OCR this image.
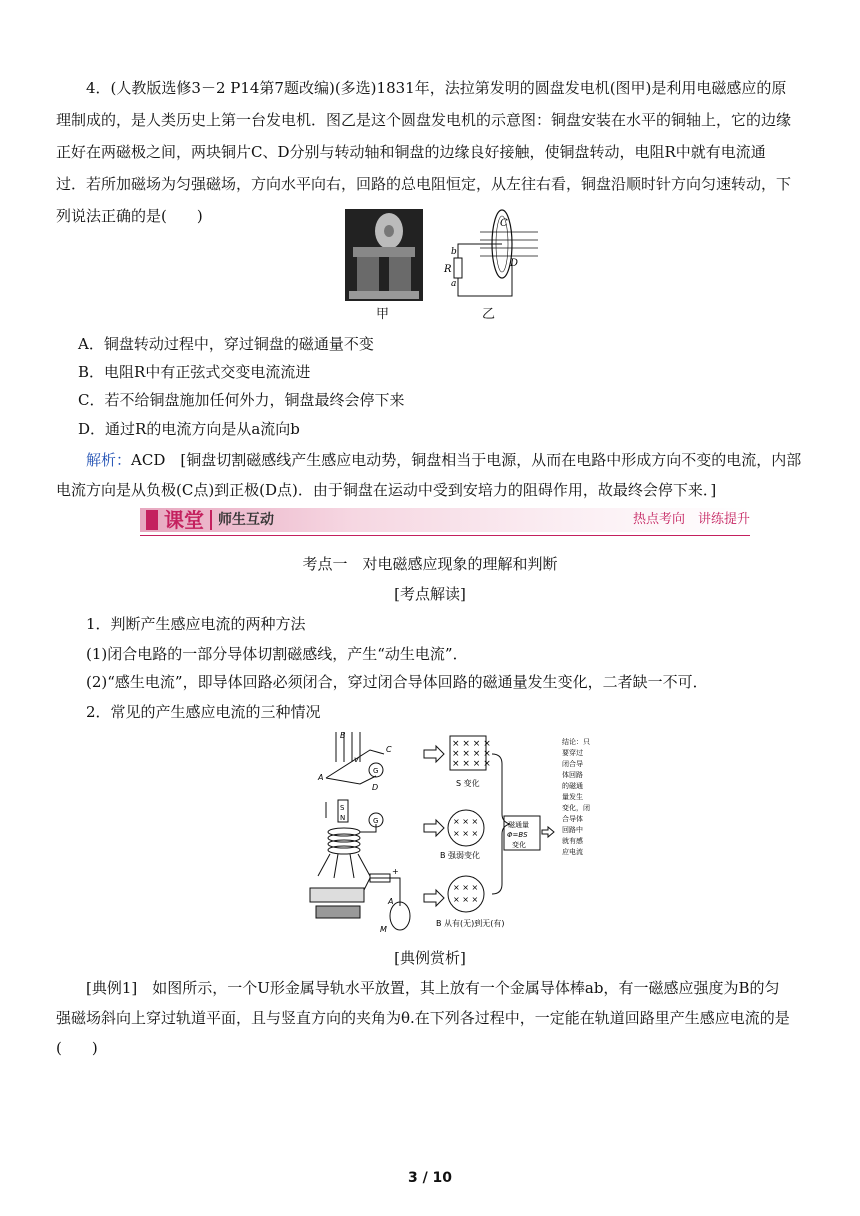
4．(人教版选修3－2 P14第7题改编)(多选)1831年，法拉第发明的圆盘发电机(图甲)是利用电磁感应的原
理制成的，是人类历史上第一台发电机．图乙是这个圆盘发电机的示意图：铜盘安装在水平的铜轴上，它的边缘
正好在两磁极之间，两块铜片C、D分别与转动轴和铜盘的边缘良好接触，使铜盘转动，电阻R中就有电流通
过．若所加磁场为匀强磁场，方向水平向右，回路的总电阻恒定，从左往右看，铜盘沿顺时针方向匀速转动，下
列说法正确的是(　　)
甲
C
D
b
R
a
乙
A．铜盘转动过程中，穿过铜盘的磁通量不变
B．电阻R中有正弦式交变电流流进
C．若不给铜盘施加任何外力，铜盘最终会停下来
D．通过R的电流方向是从a流向b
解析：ACD　[铜盘切割磁感线产生感应电动势，铜盘相当于电源，从而在电路中形成方向不变的电流，内部
电流方向是从负极(C点)到正极(D点)．由于铜盘在运动中受到安培力的阻碍作用，故最终会停下来．]
课堂 师生互动	热点考向　讲练提升
考点一　对电磁感应现象的理解和判断
[考点解读]
1．判断产生感应电流的两种方法
(1)闭合电路的一部分导体切割磁感线，产生“动生电流”．
(2)“感生电流”，即导体回路必须闭合，穿过闭合导体回路的磁通量发生变化，二者缺一不可．
2．常见的产生感应电流的三种情况
B
v
C
A
D
G
S
N	G
A
M
+
× × × ×
× × × ×
× × × ×
S 变化
× × ×
× × ×
B 强弱变化
× × ×
× × ×
B 从有(无)到无(有)
磁通量
Φ=BS
变化
结论：只
要穿过
闭合导
体回路
的磁通
量发生
变化，闭
合导体
回路中
就有感
应电流
[典例赏析]
[典例1]　如图所示，一个U形金属导轨水平放置，其上放有一个金属导体棒ab，有一磁感应强度为B的匀
强磁场斜向上穿过轨道平面，且与竖直方向的夹角为θ.在下列各过程中，一定能在轨道回路里产生感应电流的是
(　　)
3 / 10
